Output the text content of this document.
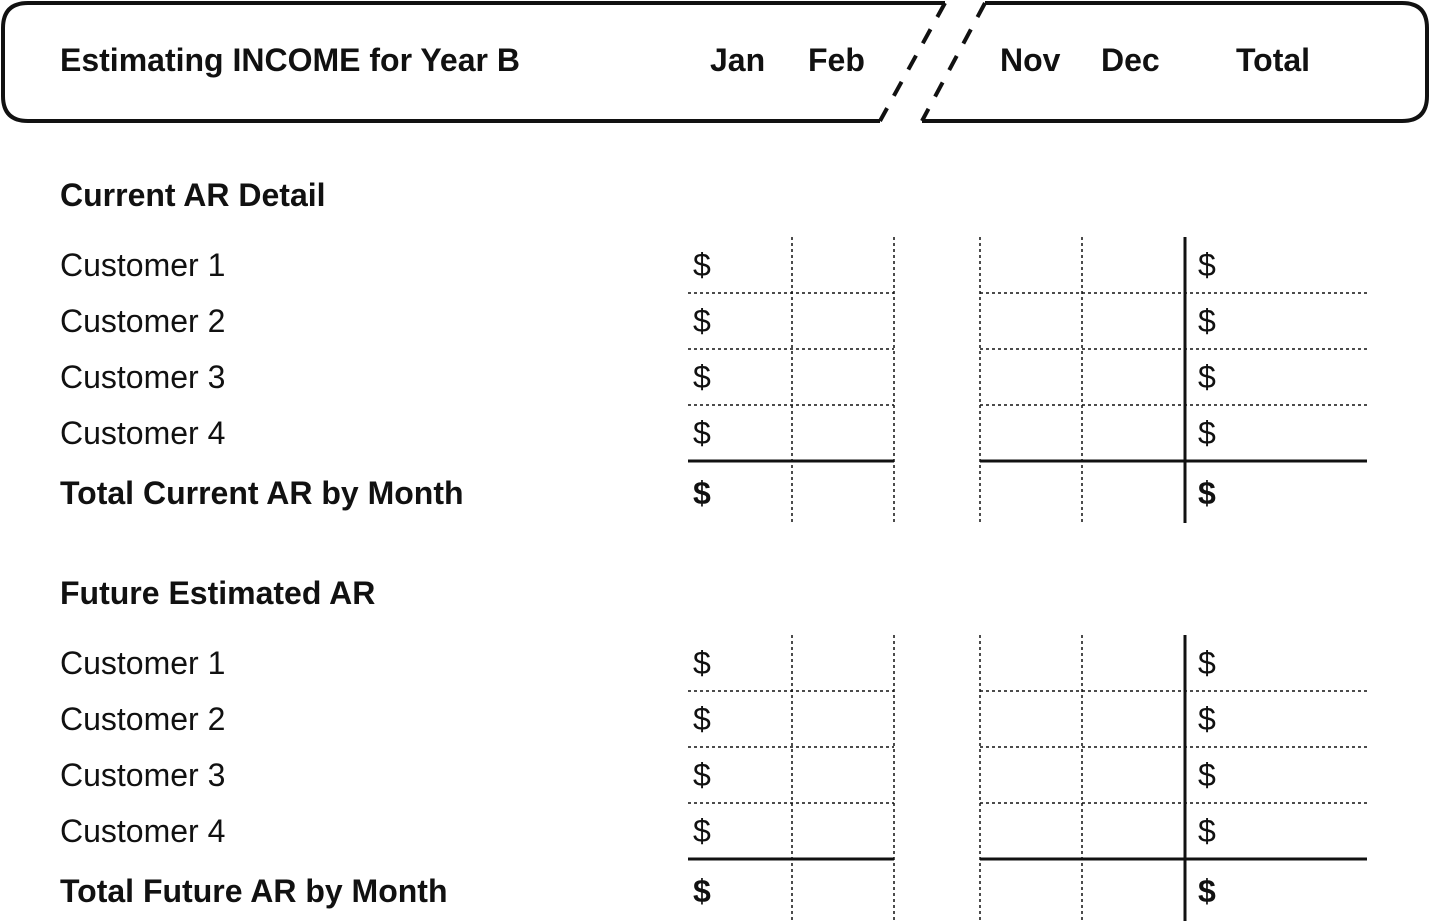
Estimating INCOME for Year B	Jan Feb	Nov Dec Total
Current AR Detail
Customer 1
Customer 2
Customer 3
Customer 4
Total Current AR by Month
$
$
$
$
$
$
$
$
$
$
Future Estimated AR
Customer 1
Customer 2
Customer 3
Customer 4
Total Future AR by Month
$
$
$
$
$
$
$
$
$
$
